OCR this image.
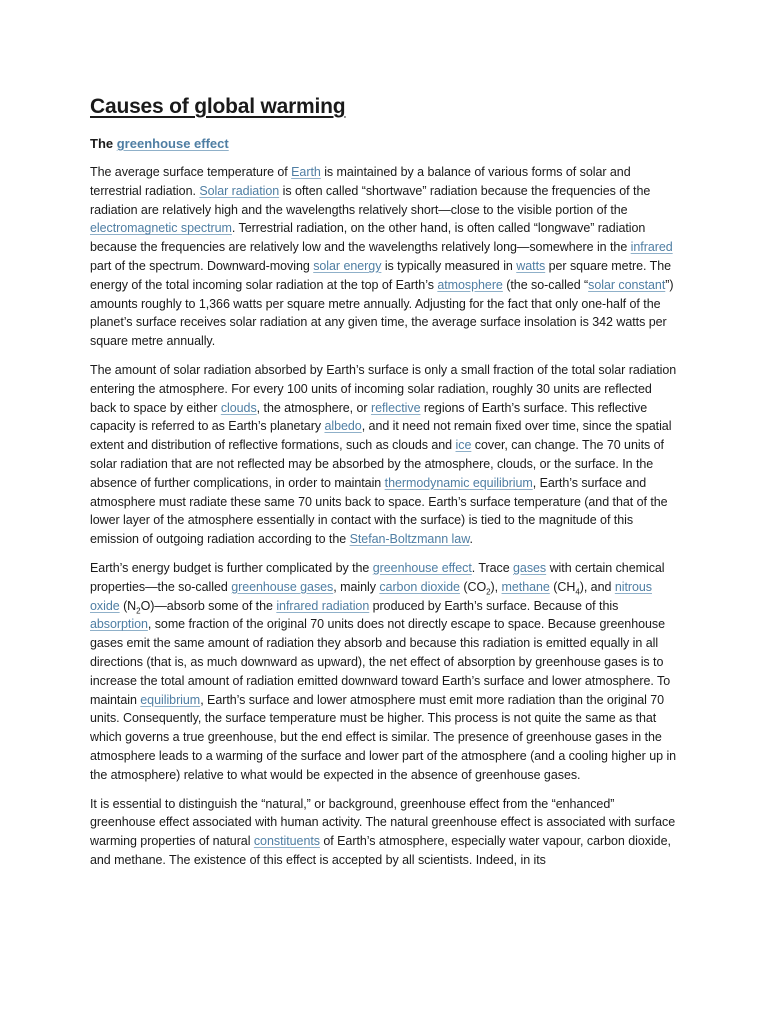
Causes of global warming
The greenhouse effect

The average surface temperature of Earth is maintained by a balance of various forms of solar and terrestrial radiation. Solar radiation is often called “shortwave” radiation because the frequencies of the radiation are relatively high and the wavelengths relatively short—close to the visible portion of the electromagnetic spectrum. Terrestrial radiation, on the other hand, is often called “longwave” radiation because the frequencies are relatively low and the wavelengths relatively long—somewhere in the infrared part of the spectrum. Downward-moving solar energy is typically measured in watts per square metre. The energy of the total incoming solar radiation at the top of Earth’s atmosphere (the so-called “solar constant”) amounts roughly to 1,366 watts per square metre annually. Adjusting for the fact that only one-half of the planet’s surface receives solar radiation at any given time, the average surface insolation is 342 watts per square metre annually.

The amount of solar radiation absorbed by Earth’s surface is only a small fraction of the total solar radiation entering the atmosphere. For every 100 units of incoming solar radiation, roughly 30 units are reflected back to space by either clouds, the atmosphere, or reflective regions of Earth’s surface. This reflective capacity is referred to as Earth’s planetary albedo, and it need not remain fixed over time, since the spatial extent and distribution of reflective formations, such as clouds and ice cover, can change. The 70 units of solar radiation that are not reflected may be absorbed by the atmosphere, clouds, or the surface. In the absence of further complications, in order to maintain thermodynamic equilibrium, Earth’s surface and atmosphere must radiate these same 70 units back to space. Earth’s surface temperature (and that of the lower layer of the atmosphere essentially in contact with the surface) is tied to the magnitude of this emission of outgoing radiation according to the Stefan-Boltzmann law.

Earth’s energy budget is further complicated by the greenhouse effect. Trace gases with certain chemical properties—the so-called greenhouse gases, mainly carbon dioxide $(CO_2)$, methane $(CH_4)$, and nitrous oxide $(N_2O)—absorb$ some of the infrared radiation produced by Earth’s surface. Because of this absorption, some fraction of the original 70 units does not directly escape to space. Because greenhouse gases emit the same amount of radiation they absorb and because this radiation is emitted equally in all directions (that is, as much downward as upward), the net effect of absorption by greenhouse gases is to increase the total amount of radiation emitted downward toward Earth’s surface and lower atmosphere. To maintain equilibrium, Earth’s surface and lower atmosphere must emit more radiation than the original 70 units. Consequently, the surface temperature must be higher. This process is not quite the same as that which governs a true greenhouse, but the end effect is similar. The presence of greenhouse gases in the atmosphere leads to a warming of the surface and lower part of the atmosphere (and a cooling higher up in the atmosphere) relative to what would be expected in the absence of greenhouse gases.

It is essential to distinguish the “natural,” or background, greenhouse effect from the “enhanced” greenhouse effect associated with human activity. The natural greenhouse effect is associated with surface warming properties of natural constituents of Earth’s atmosphere, especially water vapour, carbon dioxide, and methane. The existence of this effect is accepted by all scientists. Indeed, in its
